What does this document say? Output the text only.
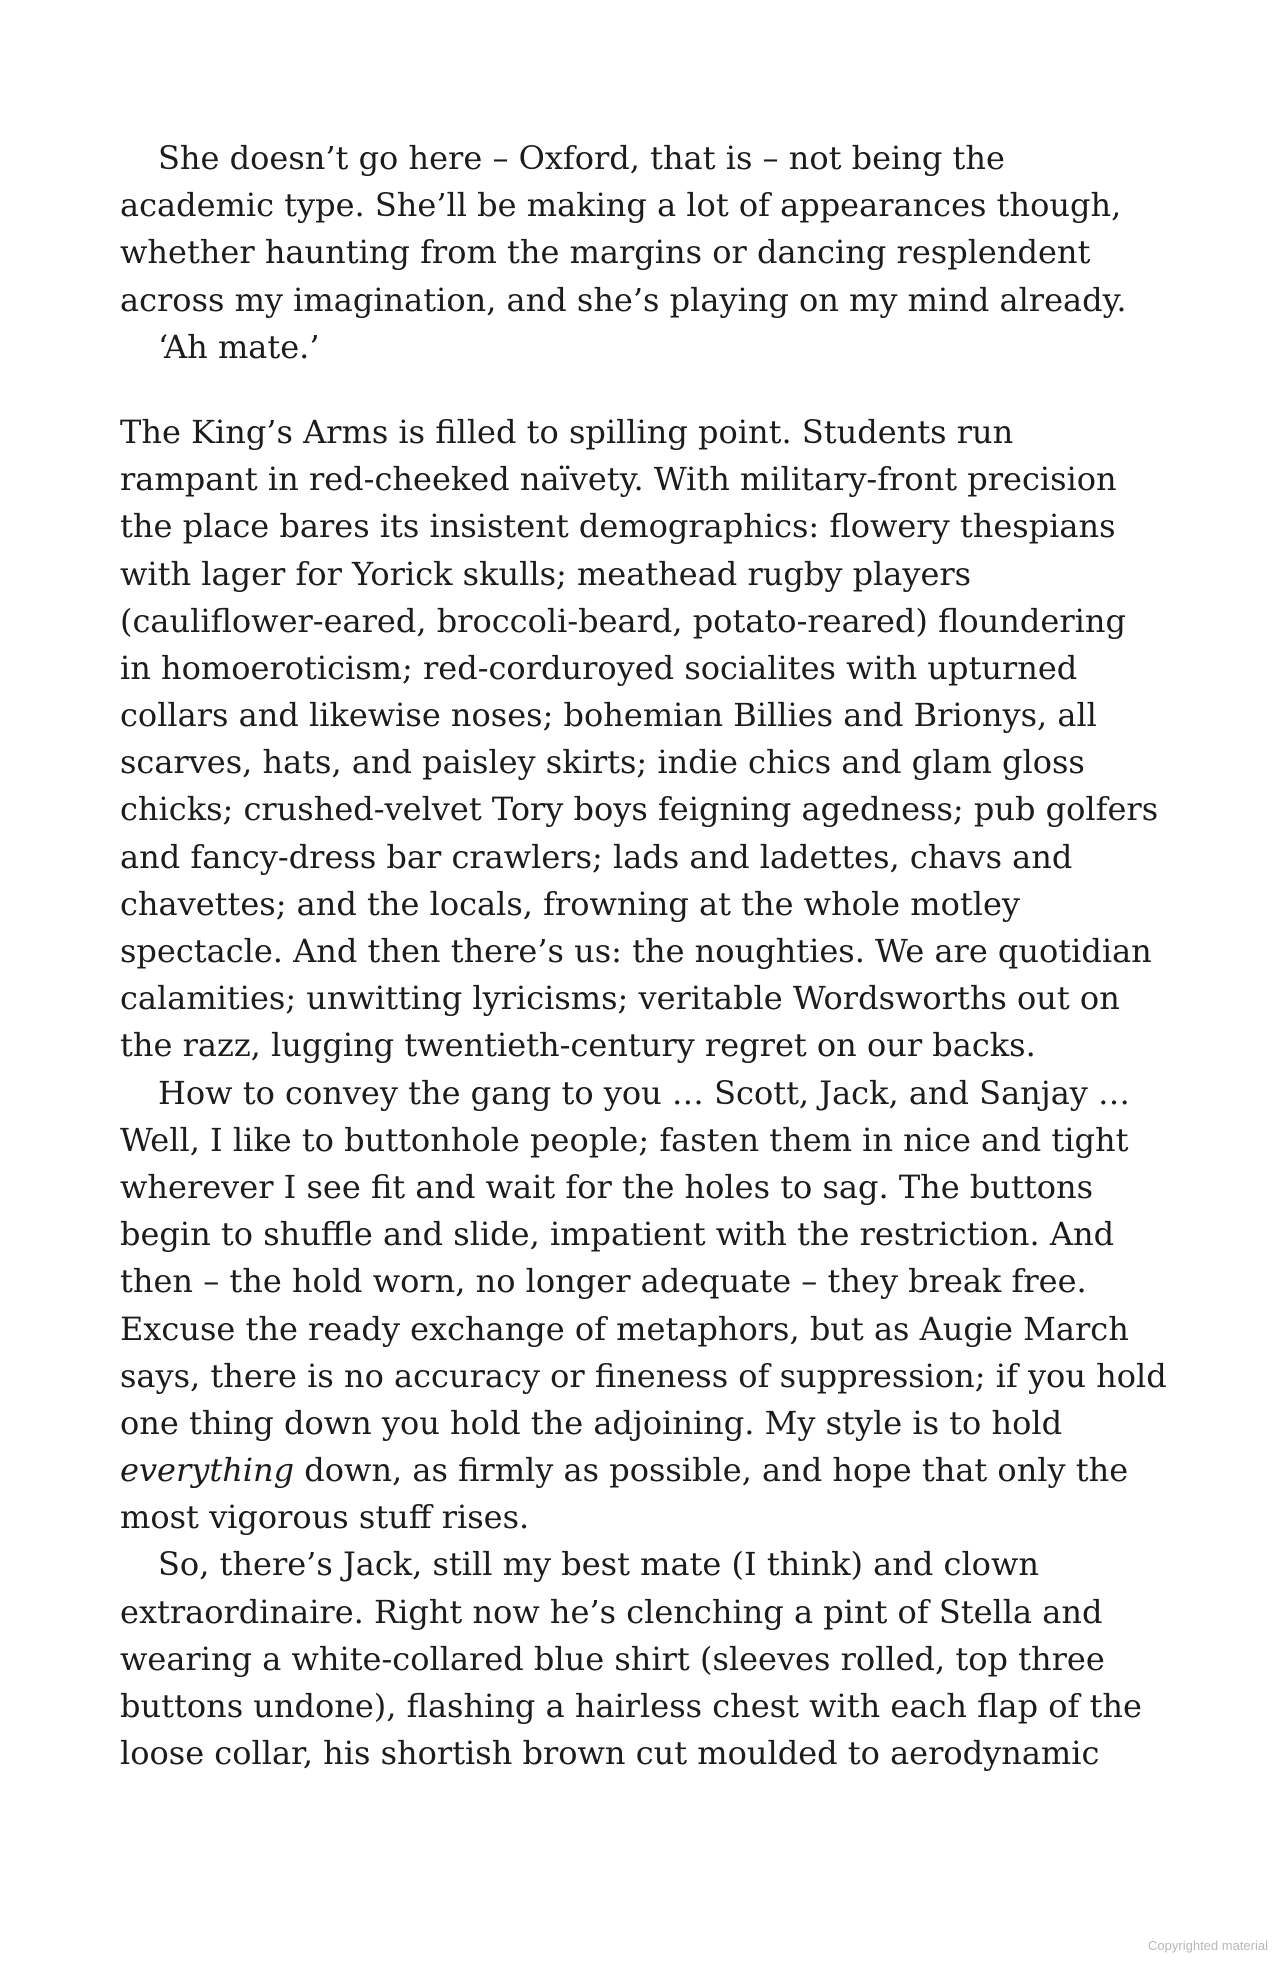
She doesn’t go here – Oxford, that is – not being the
academic type. She’ll be making a lot of appearances though,
whether haunting from the margins or dancing resplendent
across my imagination, and she’s playing on my mind already.
‘Ah mate.’
The King’s Arms is filled to spilling point. Students run
rampant in red-cheeked naïvety. With military-front precision
the place bares its insistent demographics: flowery thespians
with lager for Yorick skulls; meathead rugby players
(cauliflower-eared, broccoli-beard, potato-reared) floundering
in homoeroticism; red-corduroyed socialites with upturned
collars and likewise noses; bohemian Billies and Brionys, all
scarves, hats, and paisley skirts; indie chics and glam gloss
chicks; crushed-velvet Tory boys feigning agedness; pub golfers
and fancy-dress bar crawlers; lads and ladettes, chavs and
chavettes; and the locals, frowning at the whole motley
spectacle. And then there’s us: the noughties. We are quotidian
calamities; unwitting lyricisms; veritable Wordsworths out on
the razz, lugging twentieth-century regret on our backs.
How to convey the gang to you … Scott, Jack, and Sanjay …
Well, I like to buttonhole people; fasten them in nice and tight
wherever I see fit and wait for the holes to sag. The buttons
begin to shuffle and slide, impatient with the restriction. And
then – the hold worn, no longer adequate – they break free.
Excuse the ready exchange of metaphors, but as Augie March
says, there is no accuracy or fineness of suppression; if you hold
one thing down you hold the adjoining. My style is to hold
everything down, as firmly as possible, and hope that only the
most vigorous stuff rises.
So, there’s Jack, still my best mate (I think) and clown
extraordinaire. Right now he’s clenching a pint of Stella and
wearing a white-collared blue shirt (sleeves rolled, top three
buttons undone), flashing a hairless chest with each flap of the
loose collar, his shortish brown cut moulded to aerodynamic
Copyrighted material
